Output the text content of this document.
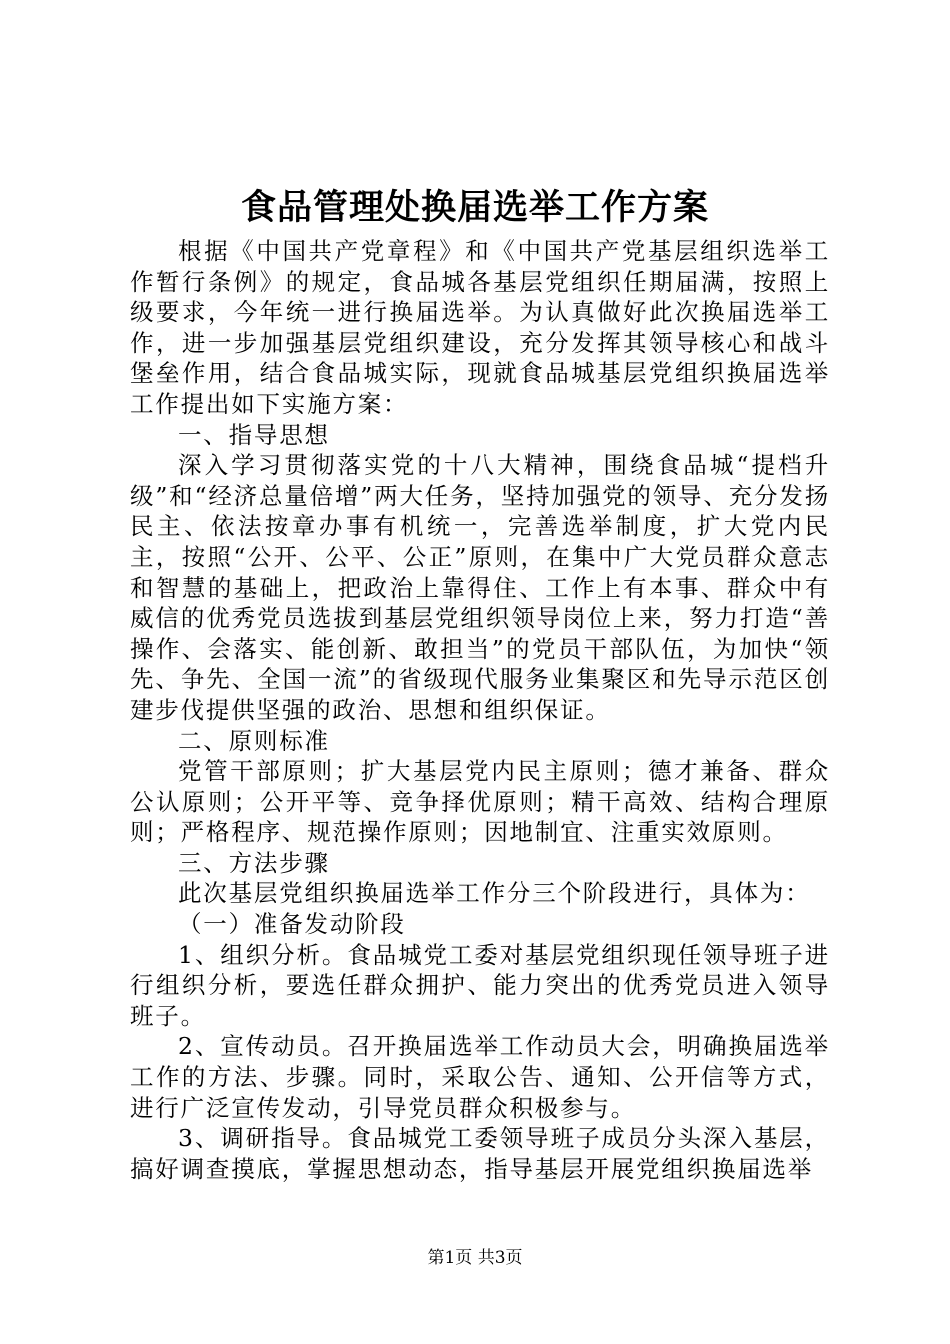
食品管理处换届选举工作方案

根据《中国共产党章程》和《中国共产党基层组织选举工作暂行条例》的规定，食品城各基层党组织任期届满，按照上级要求，今年统一进行换届选举。为认真做好此次换届选举工作，进一步加强基层党组织建设，充分发挥其领导核心和战斗堡垒作用，结合食品城实际，现就食品城基层党组织换届选举工作提出如下实施方案：

一、指导思想

深入学习贯彻落实党的十八大精神，围绕食品城“提档升级”和“经济总量倍增”两大任务，坚持加强党的领导、充分发扬民主、依法按章办事有机统一，完善选举制度，扩大党内民主，按照“公开、公平、公正”原则，在集中广大党员群众意志和智慧的基础上，把政治上靠得住、工作上有本事、群众中有威信的优秀党员选拔到基层党组织领导岗位上来，努力打造“善操作、会落实、能创新、敢担当”的党员干部队伍，为加快“领先、争先、全国一流”的省级现代服务业集聚区和先导示范区创建步伐提供坚强的政治、思想和组织保证。

二、原则标准

党管干部原则；扩大基层党内民主原则；德才兼备、群众公认原则；公开平等、竞争择优原则；精干高效、结构合理原则；严格程序、规范操作原则；因地制宜、注重实效原则。

三、方法步骤

此次基层党组织换届选举工作分三个阶段进行，具体为：

（一）准备发动阶段

1、组织分析。食品城党工委对基层党组织现任领导班子进行组织分析，要选任群众拥护、能力突出的优秀党员进入领导班子。

2、宣传动员。召开换届选举工作动员大会，明确换届选举工作的方法、步骤。同时，采取公告、通知、公开信等方式，进行广泛宣传发动，引导党员群众积极参与。

3、调研指导。食品城党工委领导班子成员分头深入基层，搞好调查摸底，掌握思想动态，指导基层开展党组织换届选举

第1页 共3页
